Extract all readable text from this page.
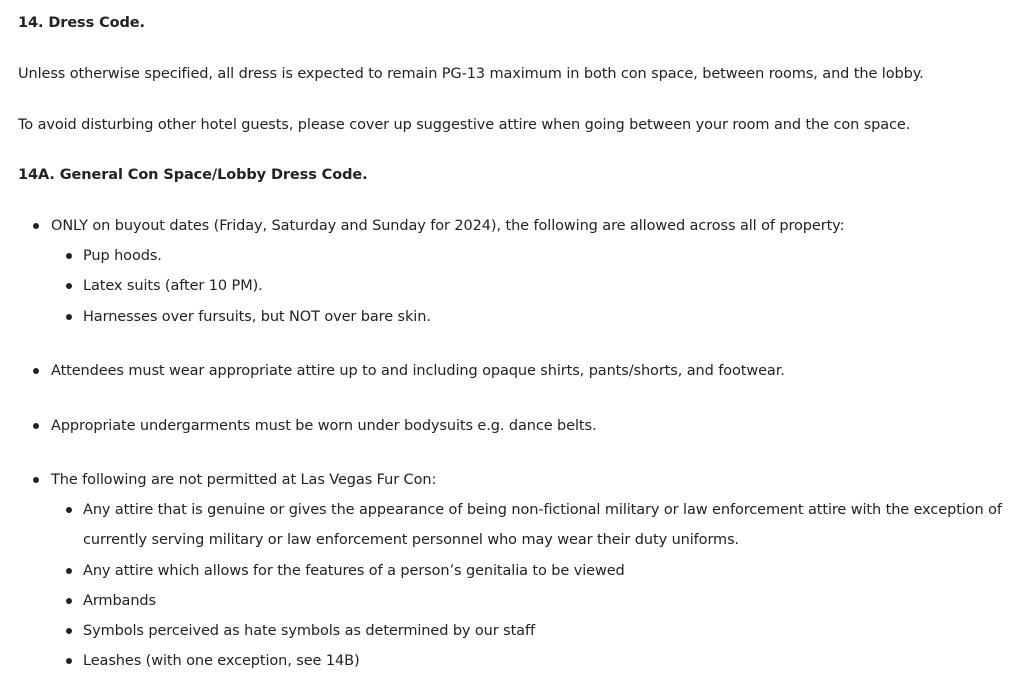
14. Dress Code.
Unless otherwise specified, all dress is expected to remain PG-13 maximum in both con space, between rooms, and the lobby.
To avoid disturbing other hotel guests, please cover up suggestive attire when going between your room and the con space.
14A. General Con Space/Lobby Dress Code.
ONLY on buyout dates (Friday, Saturday and Sunday for 2024), the following are allowed across all of property:
Pup hoods.
Latex suits (after 10 PM).
Harnesses over fursuits, but NOT over bare skin.
Attendees must wear appropriate attire up to and including opaque shirts, pants/shorts, and footwear.
Appropriate undergarments must be worn under bodysuits e.g. dance belts.
The following are not permitted at Las Vegas Fur Con:
Any attire that is genuine or gives the appearance of being non-fictional military or law enforcement attire with the exception of
currently serving military or law enforcement personnel who may wear their duty uniforms.
Any attire which allows for the features of a person’s genitalia to be viewed
Armbands
Symbols perceived as hate symbols as determined by our staff
Leashes (with one exception, see 14B)
